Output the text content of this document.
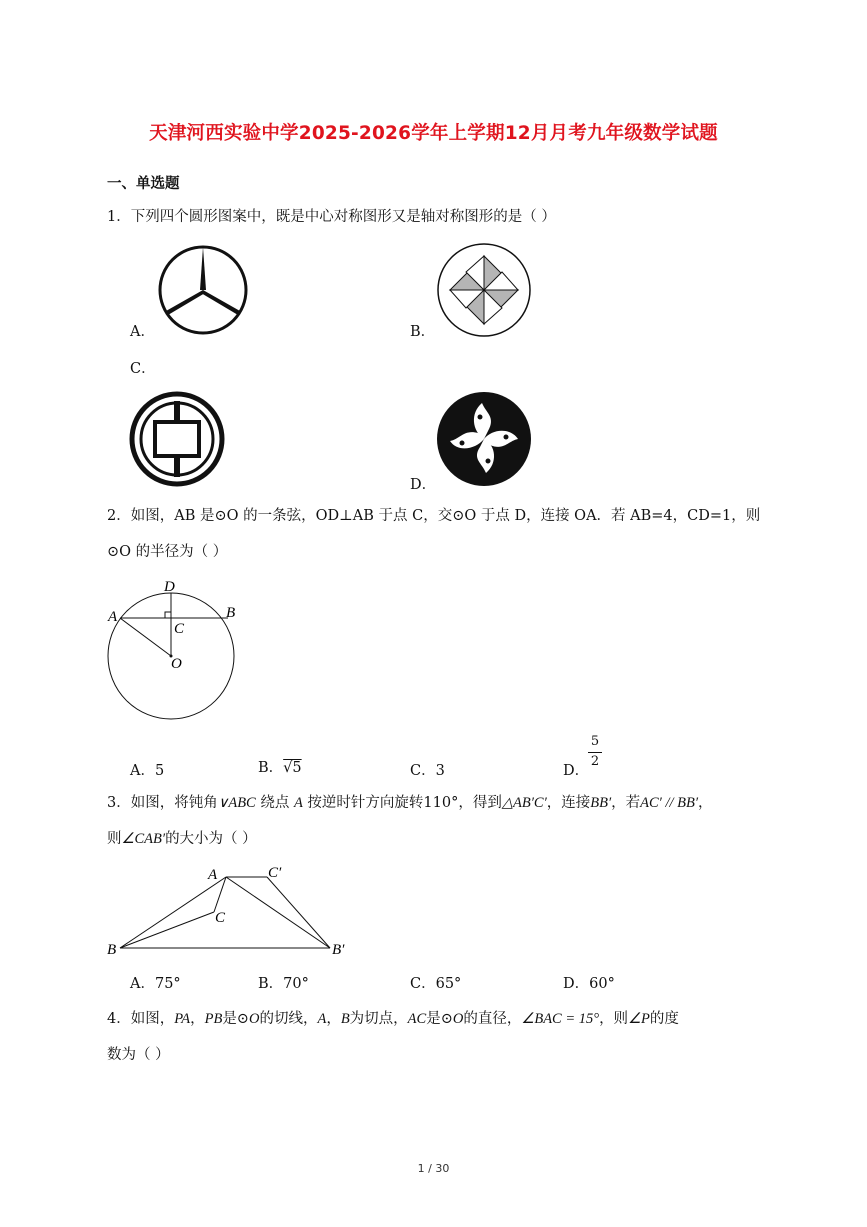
天津河西实验中学2025-2026学年上学期12月月考九年级数学试题
一、单选题
1．下列四个圆形图案中，既是中心对称图形又是轴对称图形的是（ ）
A．	B．
C．
D．
2．如图，AB 是⊙O 的一条弦，OD⊥AB 于点 C，交⊙O 于点 D，连接 OA．若 AB=4，CD=1，则
⊙O 的半径为（ ）
D
A	B
C
O
A．5	B．√5	C．3	D．
5
2
3．如图，将钝角∨ABC 绕点 A 按逆时针方向旋转110°，得到△AB′C′，连接BB′，若AC′ // BB′，
则∠CAB′的大小为（ ）
A	C′
C
B	B′
A．75°	B．70°	C．65°	D．60°
4．如图，PA，PB是⊙O的切线，A，B为切点，AC是⊙O的直径，∠BAC = 15°，则∠P的度
数为（ ）
1 / 30
